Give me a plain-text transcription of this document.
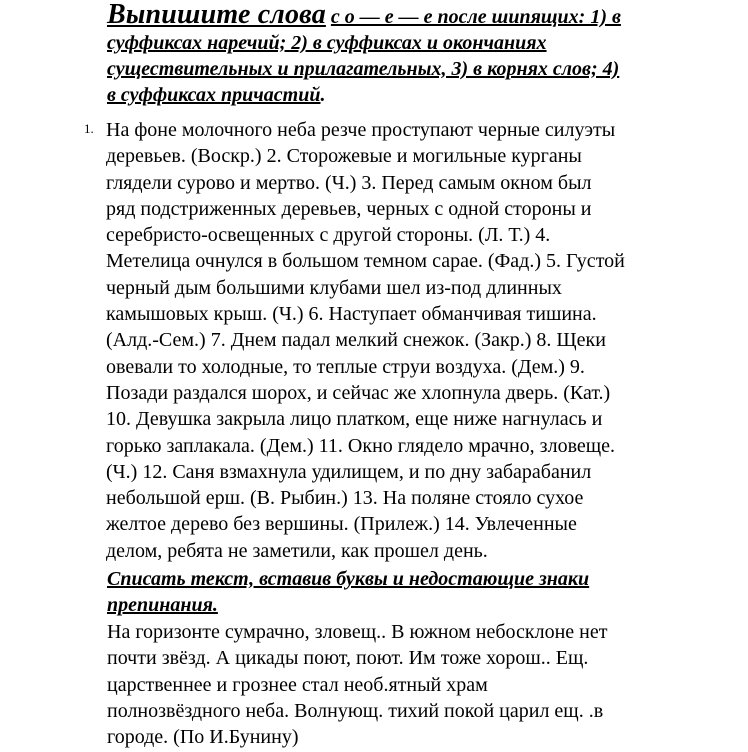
Выпишите слова с о — е — е после шипящих: 1) в
суффиксах наречий; 2) в суффиксах и окончаниях
существительных и прилагательных, 3) в корнях слов; 4)
в суффиксах причастий.
1. На фоне молочного неба резче проступают черные силуэты
деревьев. (Воскр.) 2. Сторожевые и могильные курганы
глядели сурово и мертво. (Ч.) 3. Перед самым окном был
ряд подстриженных деревьев, черных с одной стороны и
серебристо-освещенных с другой стороны. (Л. Т.) 4.
Метелица очнулся в большом темном сарае. (Фад.) 5. Густой
черный дым большими клубами шел из-под длинных
камышовых крыш. (Ч.) 6. Наступает обманчивая тишина.
(Алд.-Сем.) 7. Днем падал мелкий снежок. (Закр.) 8. Щеки
овевали то холодные, то теплые струи воздуха. (Дем.) 9.
Позади раздался шорох, и сейчас же хлопнула дверь. (Кат.)
10. Девушка закрыла лицо платком, еще ниже нагнулась и
горько заплакала. (Дем.) 11. Окно глядело мрачно, зловеще.
(Ч.) 12. Саня взмахнула удилищем, и по дну забарабанил
небольшой ерш. (В. Рыбин.) 13. На поляне стояло сухое
желтое дерево без вершины. (Прилеж.) 14. Увлеченные
делом, ребята не заметили, как прошел день.
Списать текст, вставив буквы и недостающие знаки
препинания.
На горизонте сумрачно, зловещ.. В южном небосклоне нет
почти звёзд. А цикады поют, поют. Им тоже хорош.. Ещ.
царственнее и грознее стал необ.ятный храм
полнозвёздного неба. Волнующ. тихий покой царил ещ. .в
городе. (По И.Бунину)
